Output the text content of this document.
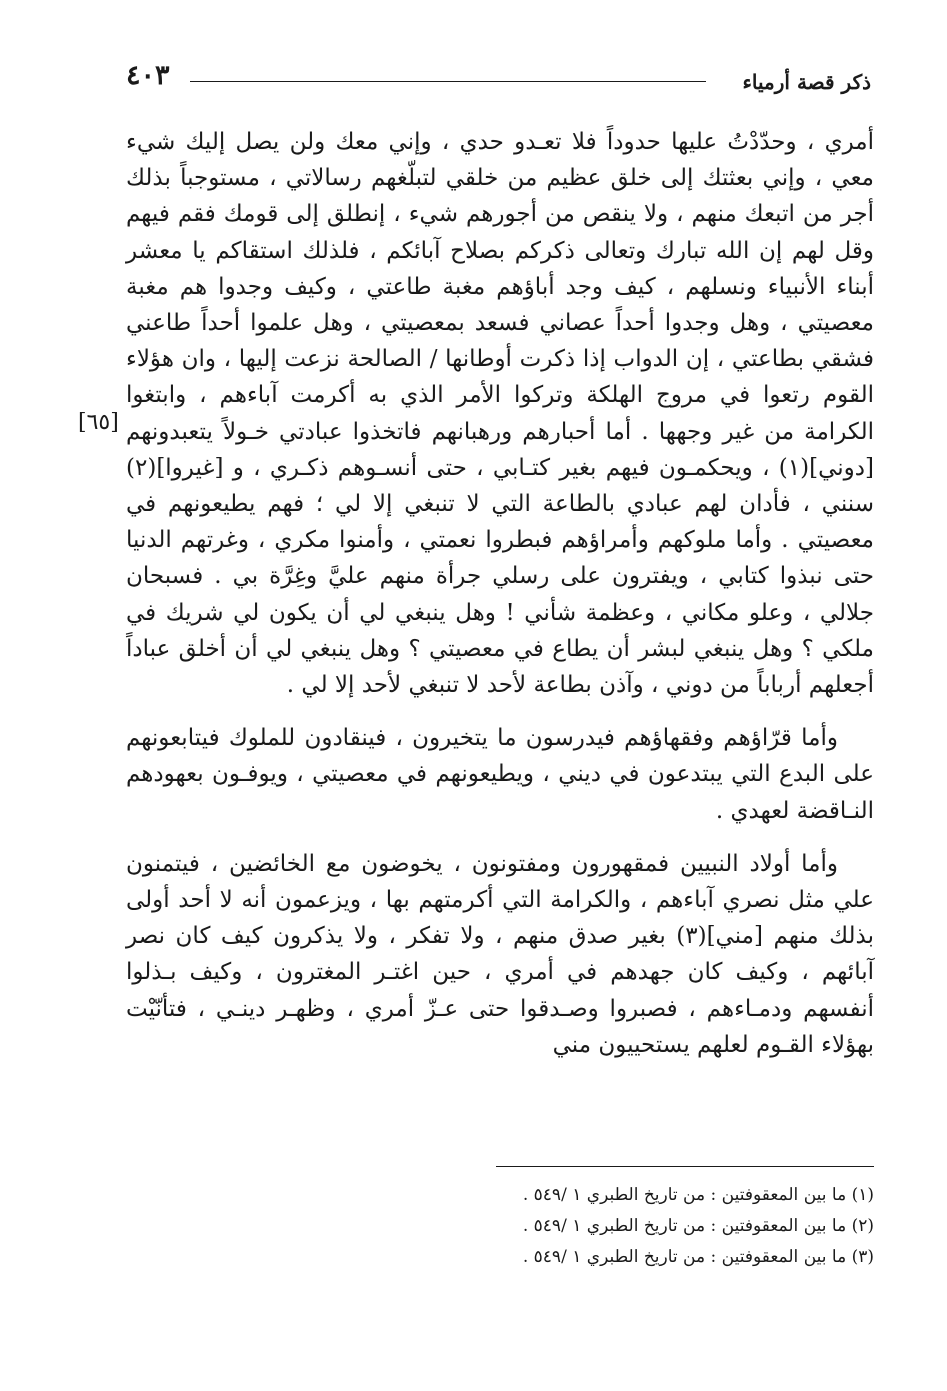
ذكر قصة أرمياء
٤٠٣
[٦٥]

أمري ، وحدّدْتُ عليها حدوداً فلا تعـدو حدي ، وإني معك ولن يصل إليك شيء معي ، وإني بعثتك إلى خلق عظيم من خلقي لتبلّغهم رسالاتي ، مستوجباً بذلك أجر من اتبعك منهم ، ولا ينقص من أجورهم شيء ، إنطلق إلى قومك فقم فيهم وقل لهم إن الله تبارك وتعالى ذكركم بصلاح آبائكم ، فلذلك استقاكم يا معشر أبناء الأنبياء ونسلهم ، كيف وجد أباؤهم مغبة طاعتي ، وكيف وجدوا هم مغبة معصيتي ، وهل وجدوا أحداً عصاني فسعد بمعصيتي ، وهل علموا أحداً طاعني فشقي بطاعتي ، إن الدواب إذا ذكرت أوطانها / الصالحة نزعت إليها ، وان هؤلاء القوم رتعوا في مروج الهلكة وتركوا الأمر الذي به أكرمت آباءهم ، وابتغوا الكرامة من غير وجهها . أما أحبارهم ورهبانهم فاتخذوا عبادتي خـولاً يتعبدونهم [دوني](١) ، ويحكمـون فيهم بغير كتـابي ، حتى أنسـوهم ذكـري ، و [غيروا](٢) سنني ، فأدان لهم عبادي بالطاعة التي لا تنبغي إلا لي ؛ فهم يطيعونهم في معصيتي . وأما ملوكهم وأمراؤهم فبطروا نعمتي ، وأمنوا مكري ، وغرتهم الدنيا حتى نبذوا كتابي ، ويفترون على رسلي جرأة منهم عليَّ وغِرَّة بي . فسبحان جلالي ، وعلو مكاني ، وعظمة شأني ! وهل ينبغي لي أن يكون لي شريك في ملكي ؟ وهل ينبغي لبشر أن يطاع في معصيتي ؟ وهل ينبغي لي أن أخلق عباداً أجعلهم أرباباً من دوني ، وآذن بطاعة لأحد لا تنبغي لأحد إلا لي .

وأما قرّاؤهم وفقهاؤهم فيدرسون ما يتخيرون ، فينقادون للملوك فيتابعونهم على البدع التي يبتدعون في ديني ، ويطيعونهم في معصيتي ، ويوفـون بعهودهم النـاقضة لعهدي .

وأما أولاد النبيين فمقهورون ومفتونون ، يخوضون مع الخائضين ، فيتمنون علي مثل نصري آباءهم ، والكرامة التي أكرمتهم بها ، ويزعمون أنه لا أحد أولى بذلك منهم [مني](٣) بغير صدق منهم ، ولا تفكر ، ولا يذكرون كيف كان نصر آبائهم ، وكيف كان جهدهم في أمري ، حين اغتـر المغترون ، وكيف بـذلوا أنفسهم ودمـاءهم ، فصبروا وصـدقوا حتى عـزّ أمري ، وظهـر دينـي ، فتأنّيْت بهؤلاء القـوم لعلهم يستحييون مني

(١) ما بين المعقوفتين : من تاريخ الطبري ١ /٥٤٩ .

(٢) ما بين المعقوفتين : من تاريخ الطبري ١ /٥٤٩ .

(٣) ما بين المعقوفتين : من تاريخ الطبري ١ /٥٤٩ .
